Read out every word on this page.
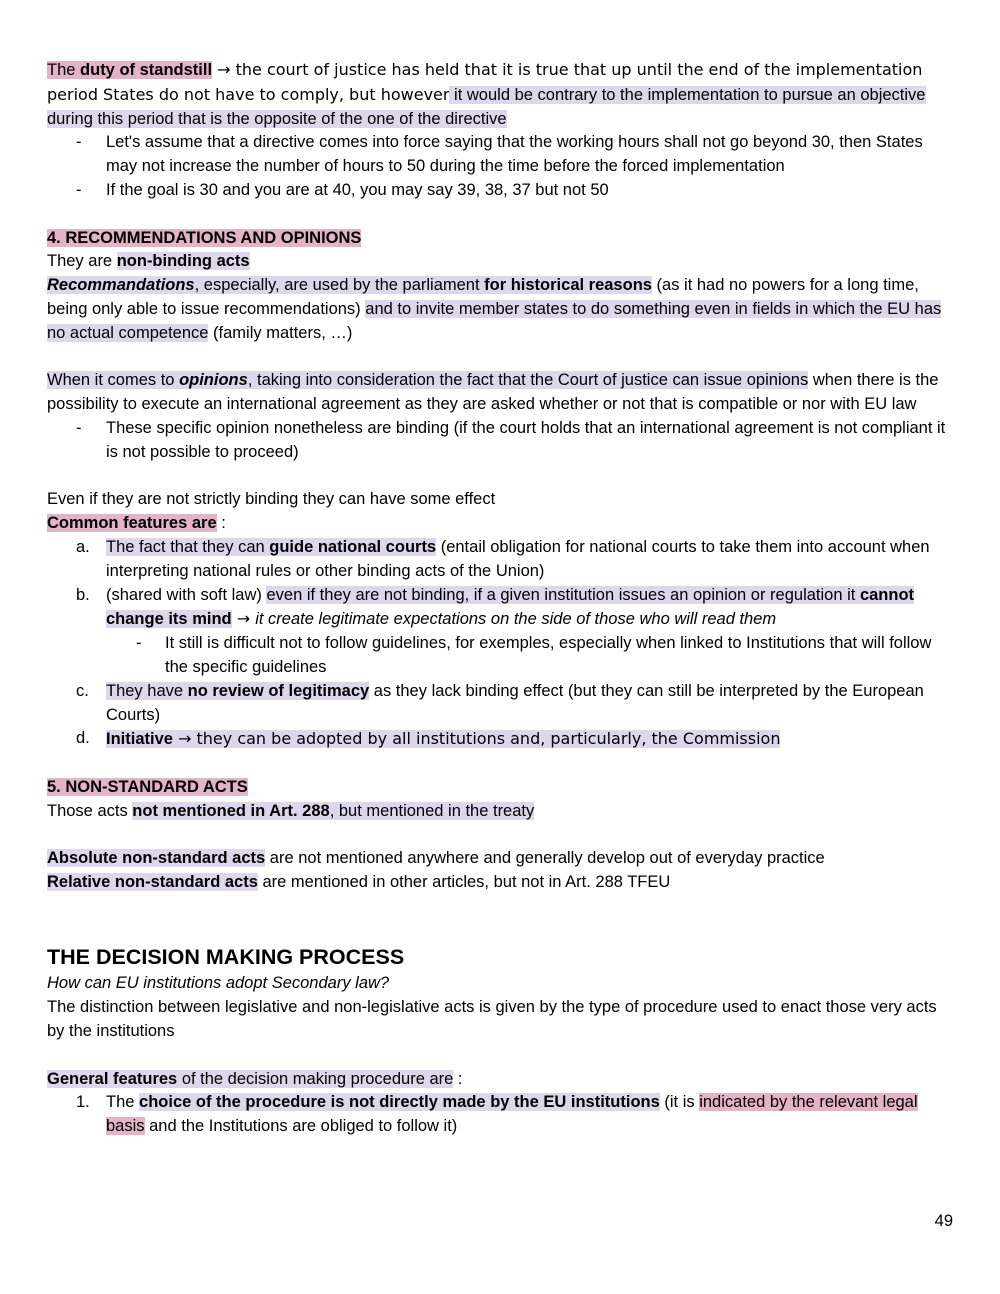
The duty of standstill → the court of justice has held that it is true that up until the end of the implementation period States do not have to comply, but however it would be contrary to the implementation to pursue an objective during this period that is the opposite of the one of the directive

- Let's assume that a directive comes into force saying that the working hours shall not go beyond 30, then States may not increase the number of hours to 50 during the time before the forced implementation
- If the goal is 30 and you are at 40, you may say 39, 38, 37 but not 50

4. RECOMMENDATIONS AND OPINIONS

They are non-binding acts

Recommandations, especially, are used by the parliament for historical reasons (as it had no powers for a long time, being only able to issue recommendations) and to invite member states to do something even in fields in which the EU has no actual competence (family matters, …)

When it comes to opinions, taking into consideration the fact that the Court of justice can issue opinions when there is the possibility to execute an international agreement as they are asked whether or not that is compatible or nor with EU law

- These specific opinion nonetheless are binding (if the court holds that an international agreement is not compliant it is not possible to proceed)

Even if they are not strictly binding they can have some effect

Common features are :

a. The fact that they can guide national courts (entail obligation for national courts to take them into account when interpreting national rules or other binding acts of the Union)
b. (shared with soft law) even if they are not binding, if a given institution issues an opinion or regulation it cannot change its mind → it create legitimate expectations on the side of those who will read them
- It still is difficult not to follow guidelines, for exemples, especially when linked to Institutions that will follow the specific guidelines
c. They have no review of legitimacy as they lack binding effect (but they can still be interpreted by the European Courts)
d. Initiative → they can be adopted by all institutions and, particularly, the Commission

5. NON-STANDARD ACTS

Those acts not mentioned in Art. 288, but mentioned in the treaty

Absolute non-standard acts are not mentioned anywhere and generally develop out of everyday practice

Relative non-standard acts are mentioned in other articles, but not in Art. 288 TFEU

THE DECISION MAKING PROCESS

How can EU institutions adopt Secondary law?

The distinction between legislative and non-legislative acts is given by the type of procedure used to enact those very acts by the institutions

General features of the decision making procedure are :

1. The choice of the procedure is not directly made by the EU institutions (it is indicated by the relevant legal basis and the Institutions are obliged to follow it)
49
